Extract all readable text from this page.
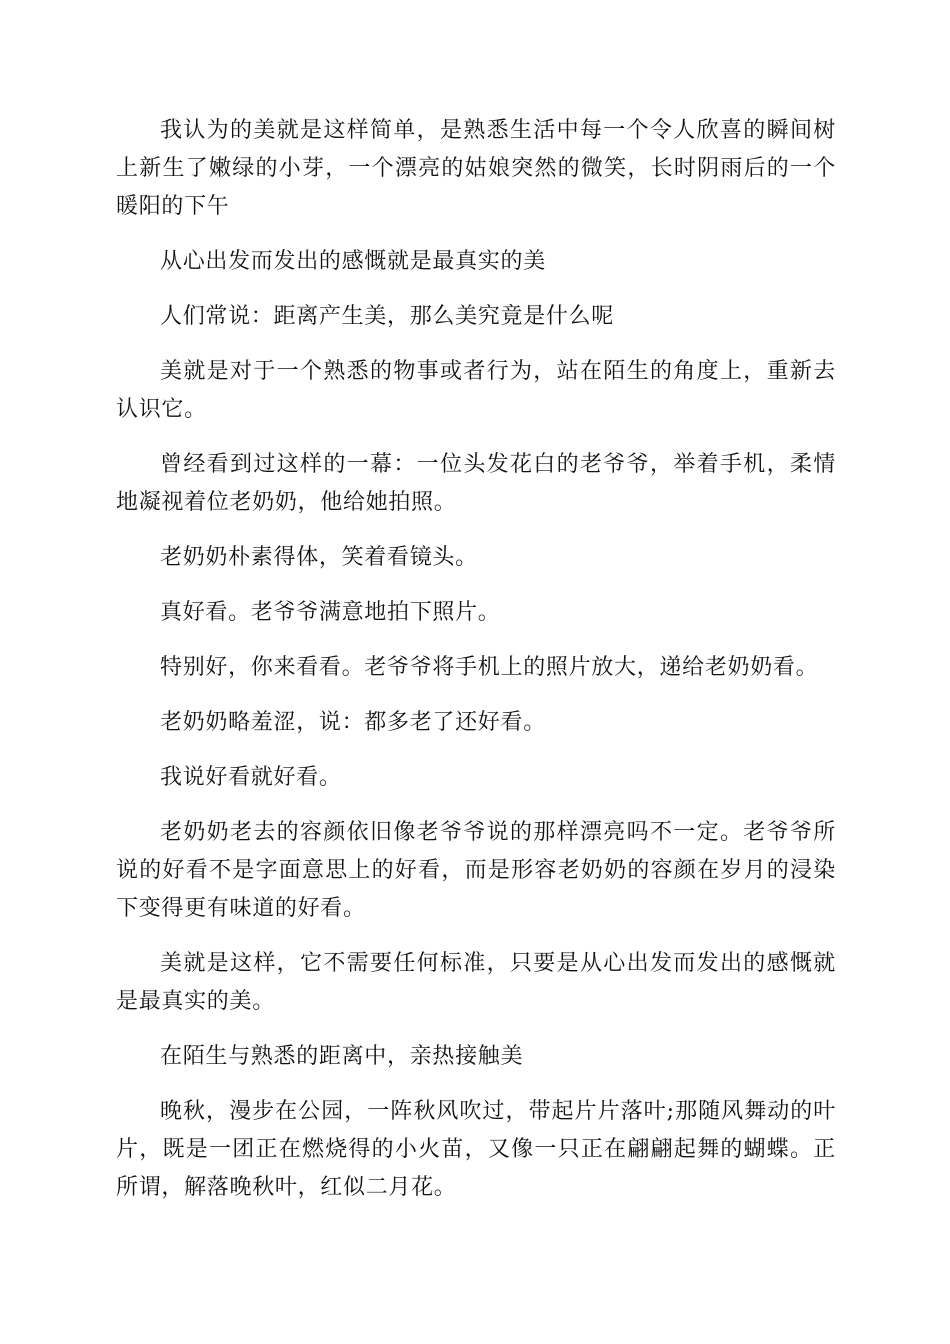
我认为的美就是这样简单，是熟悉生活中每一个令人欣喜的瞬间树上新生了嫩绿的小芽，一个漂亮的姑娘突然的微笑，长时阴雨后的一个暖阳的下午

从心出发而发出的感慨就是最真实的美

人们常说：距离产生美，那么美究竟是什么呢

美就是对于一个熟悉的物事或者行为，站在陌生的角度上，重新去认识它。

曾经看到过这样的一幕：一位头发花白的老爷爷，举着手机，柔情地凝视着位老奶奶，他给她拍照。

老奶奶朴素得体，笑着看镜头。

真好看。老爷爷满意地拍下照片。

特别好，你来看看。老爷爷将手机上的照片放大，递给老奶奶看。

老奶奶略羞涩，说：都多老了还好看。

我说好看就好看。

老奶奶老去的容颜依旧像老爷爷说的那样漂亮吗不一定。老爷爷所说的好看不是字面意思上的好看，而是形容老奶奶的容颜在岁月的浸染下变得更有味道的好看。

美就是这样，它不需要任何标准，只要是从心出发而发出的感慨就是最真实的美。

在陌生与熟悉的距离中，亲热接触美

晚秋，漫步在公园，一阵秋风吹过，带起片片落叶;那随风舞动的叶片，既是一团正在燃烧得的小火苗，又像一只正在翩翩起舞的蝴蝶。正所谓，解落晚秋叶，红似二月花。
